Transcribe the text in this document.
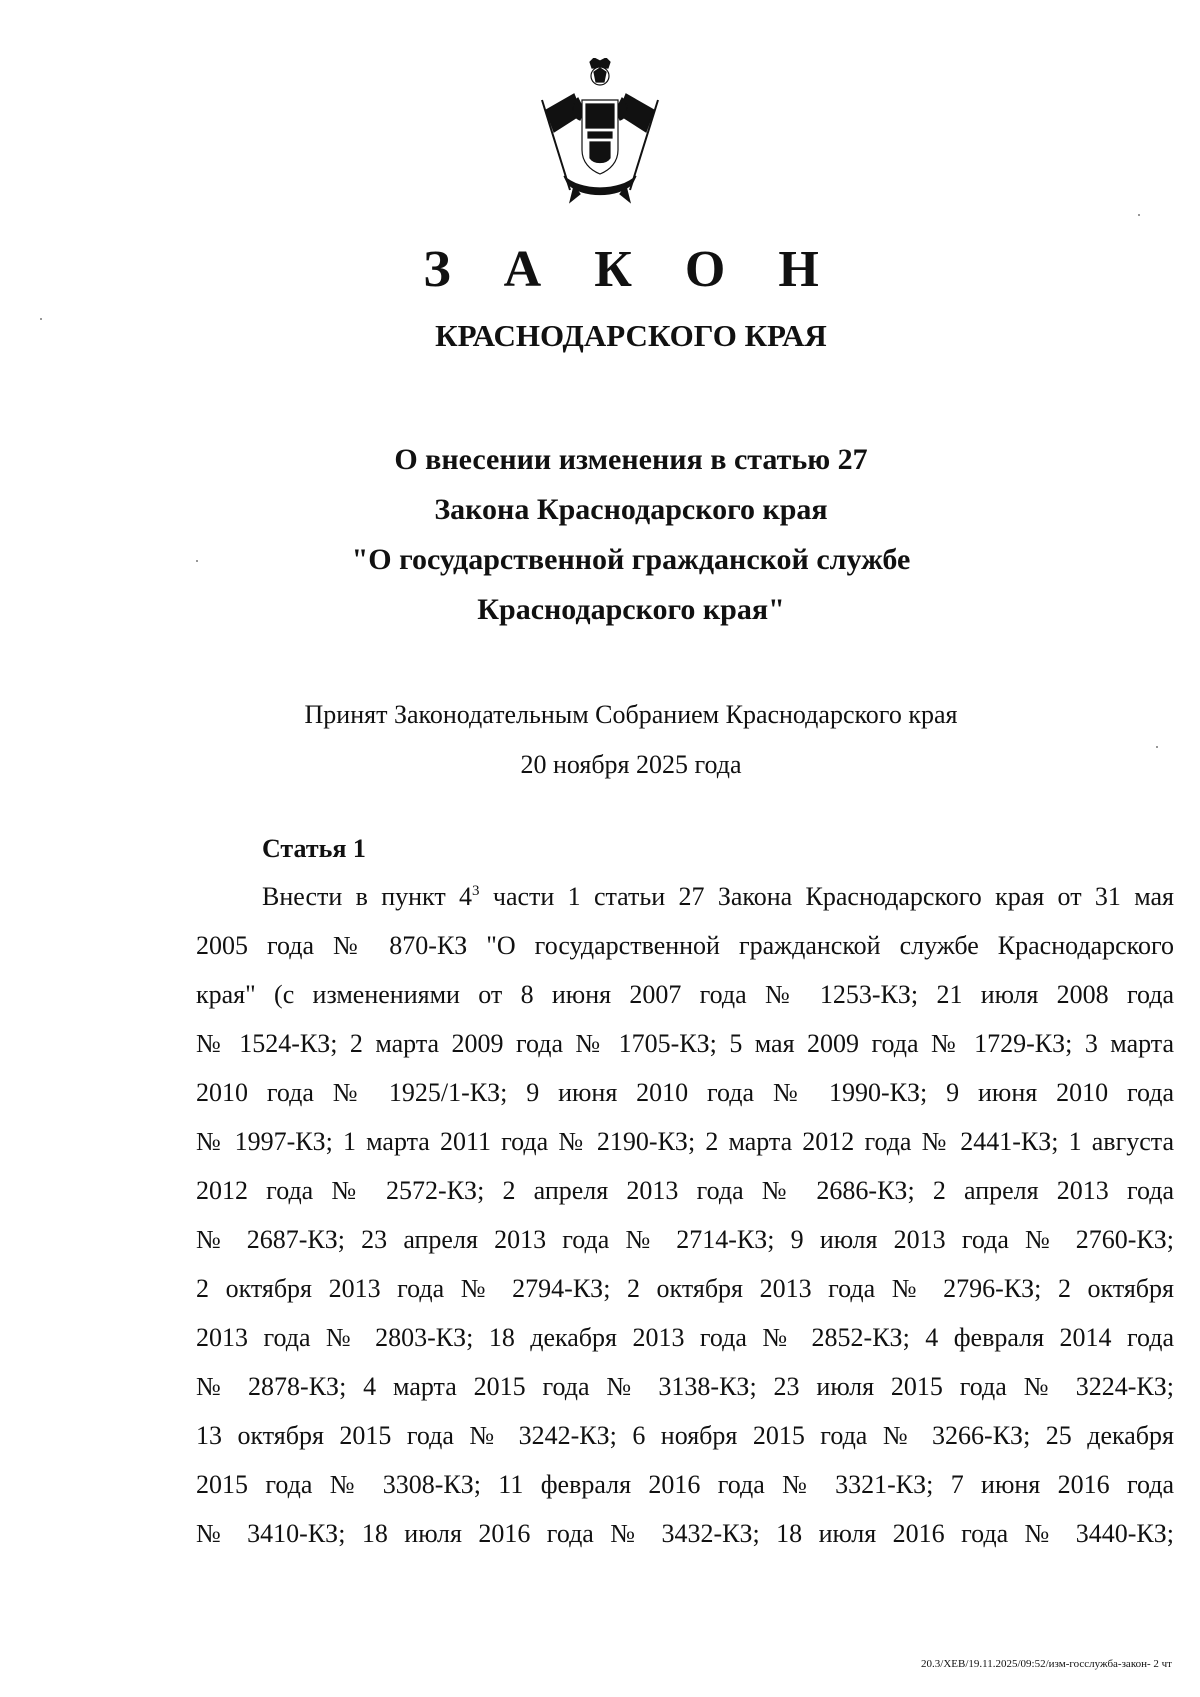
З А К О Н
КРАСНОДАРСКОГО КРАЯ
О внесении изменения в статью 27
Закона Краснодарского края
"О государственной гражданской службе
Краснодарского края"
Принят Законодательным Собранием Краснодарского края
20 ноября 2025 года
Статья 1
Внести в пункт $4^3$ части 1 статьи 27 Закона Краснодарского края от 31 мая
2005 года № 870-КЗ "О государственной гражданской службе Краснодарского
края" (с изменениями от 8 июня 2007 года № 1253-КЗ; 21 июля 2008 года
№ 1524-КЗ; 2 марта 2009 года № 1705-КЗ; 5 мая 2009 года № 1729-КЗ; 3 марта
2010 года № 1925/1-КЗ; 9 июня 2010 года № 1990-КЗ; 9 июня 2010 года
№ 1997-КЗ; 1 марта 2011 года № 2190-КЗ; 2 марта 2012 года № 2441-КЗ; 1 августа
2012 года № 2572-КЗ; 2 апреля 2013 года № 2686-КЗ; 2 апреля 2013 года
№ 2687-КЗ; 23 апреля 2013 года № 2714-КЗ; 9 июля 2013 года № 2760-КЗ;
2 октября 2013 года № 2794-КЗ; 2 октября 2013 года № 2796-КЗ; 2 октября
2013 года № 2803-КЗ; 18 декабря 2013 года № 2852-КЗ; 4 февраля 2014 года
№ 2878-КЗ; 4 марта 2015 года № 3138-КЗ; 23 июля 2015 года № 3224-КЗ;
13 октября 2015 года № 3242-КЗ; 6 ноября 2015 года № 3266-КЗ; 25 декабря
2015 года № 3308-КЗ; 11 февраля 2016 года № 3321-КЗ; 7 июня 2016 года
№ 3410-КЗ; 18 июля 2016 года № 3432-КЗ; 18 июля 2016 года № 3440-КЗ;
20.3/ХЕВ/19.11.2025/09:52/изм-госслужба-закон- 2 чт
